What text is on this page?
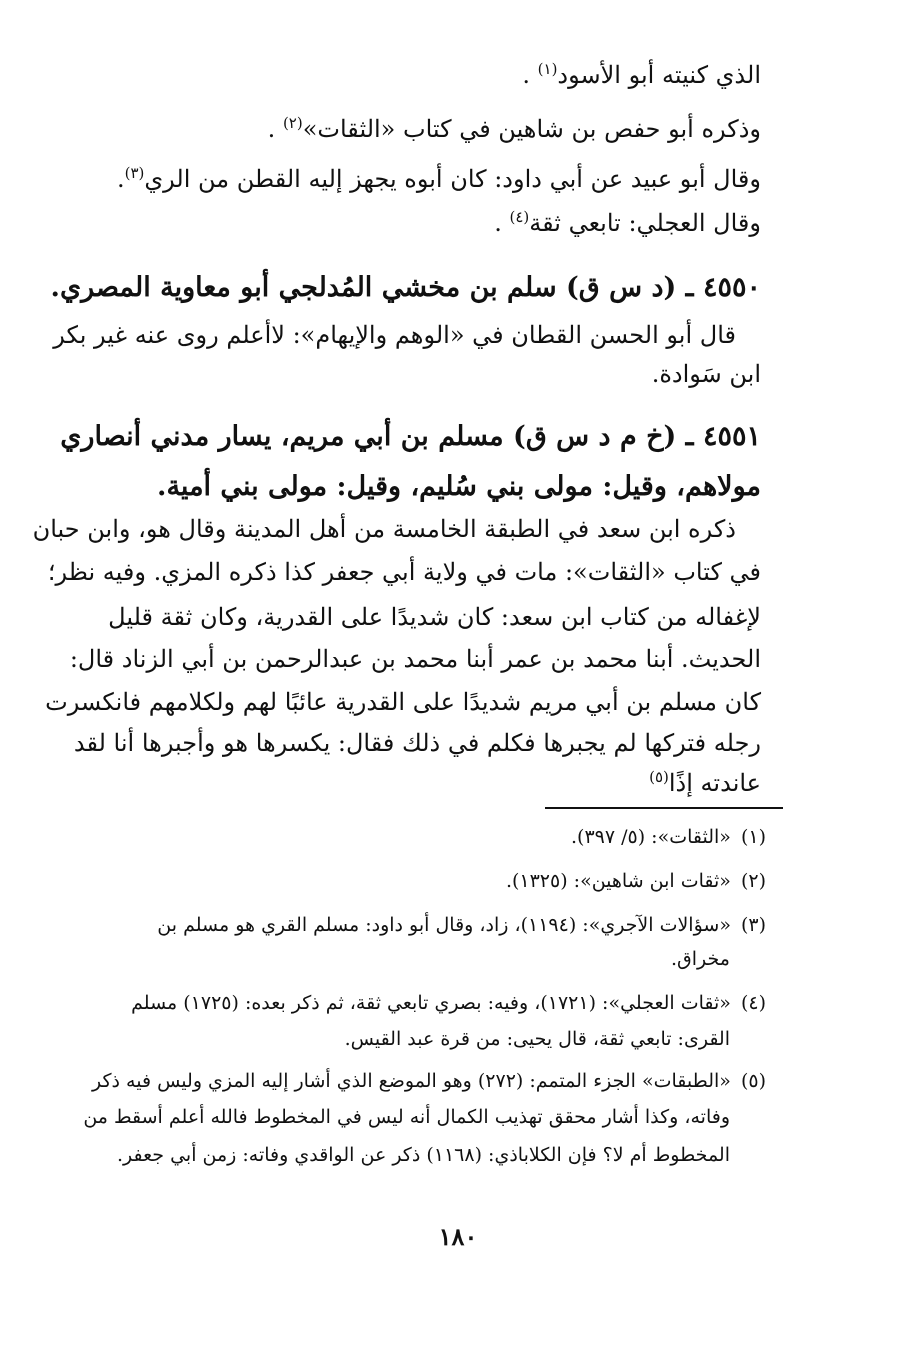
الذي كنيته أبو الأسود$^{(١)}$ .
وذكره أبو حفص بن شاهين في كتاب «الثقات»$^{(٢)}$ .
وقال أبو عبيد عن أبي داود: كان أبوه يجهز إليه القطن من الري$^{(٣)}$.
وقال العجلي: تابعي ثقة$^{(٤)}$ .
٤٥٥٠ ـ (د س ق) سلم بن مخشي المُدلجي أبو معاوية المصري.
قال أبو الحسن القطان في «الوهم والإيهام»: لاأعلم روى عنه غير بكر
ابن سَوادة.
٤٥٥١ ـ (خ م د س ق) مسلم بن أبي مريم، يسار مدني أنصاري
مولاهم، وقيل: مولى بني سُليم، وقيل: مولى بني أمية.
ذكره ابن سعد في الطبقة الخامسة من أهل المدينة وقال هو، وابن حبان
في كتاب «الثقات»: مات في ولاية أبي جعفر كذا ذكره المزي. وفيه نظر؛
لإغفاله من كتاب ابن سعد: كان شديدًا على القدرية، وكان ثقة قليل
الحديث. أبنا محمد بن عمر أبنا محمد بن عبدالرحمن بن أبي الزناد قال:
كان مسلم بن أبي مريم شديدًا على القدرية عائبًا لهم ولكلامهم فانكسرت
رجله فتركها لم يجبرها فكلم في ذلك فقال: يكسرها هو وأجبرها أنا لقد
عاندته إذًا$^{(٥)}$
(١)«الثقات»: (٥/ ٣٩٧).
(٢)«ثقات ابن شاهين»: (١٣٢٥).
(٣)«سؤالات الآجري»: (١١٩٤)، زاد، وقال أبو داود: مسلم القري هو مسلم بن
مخراق.
(٤)«ثقات العجلي»: (١٧٢١)، وفيه: بصري تابعي ثقة، ثم ذكر بعده: (١٧٢٥) مسلم
القرى: تابعي ثقة، قال يحيى: من قرة عبد القيس.
(٥)«الطبقات» الجزء المتمم: (٢٧٢) وهو الموضع الذي أشار إليه المزي وليس فيه ذكر
وفاته، وكذا أشار محقق تهذيب الكمال أنه ليس في المخطوط فالله أعلم أسقط من
المخطوط أم لا؟ فإن الكلاباذي: (١١٦٨) ذكر عن الواقدي وفاته: زمن أبي جعفر.
١٨٠
